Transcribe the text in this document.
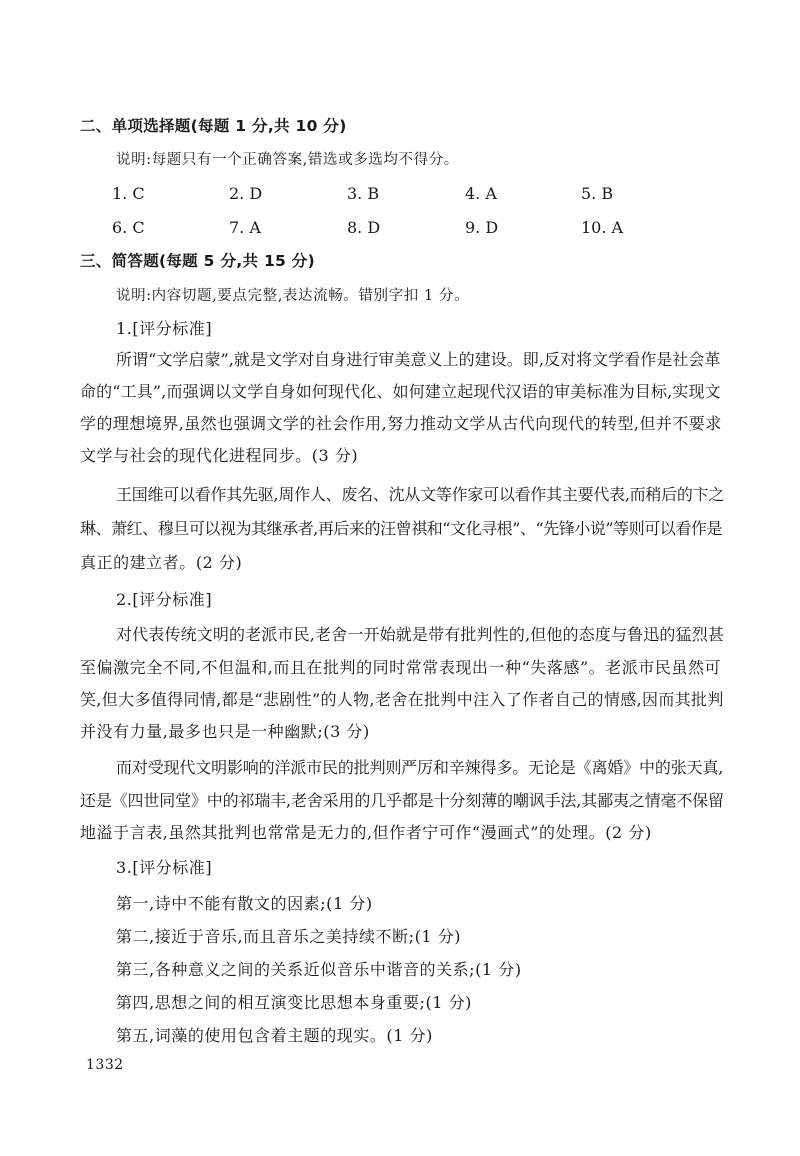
二、单项选择题(每题 1 分,共 10 分)
说明:每题只有一个正确答案,错选或多选均不得分。
1. C	2. D	3. B	4. A	5. B
6. C	7. A	8. D	9. D	10. A
三、简答题(每题 5 分,共 15 分)
说明:内容切题,要点完整,表达流畅。错别字扣 1 分。
1.[评分标准]
所谓“文学启蒙”,就是文学对自身进行审美意义上的建设。即,反对将文学看作是社会革
命的“工具”,而强调以文学自身如何现代化、如何建立起现代汉语的审美标准为目标,实现文
学的理想境界,虽然也强调文学的社会作用,努力推动文学从古代向现代的转型,但并不要求
文学与社会的现代化进程同步。(3 分)
王国维可以看作其先驱,周作人、废名、沈从文等作家可以看作其主要代表,而稍后的卞之
琳、萧红、穆旦可以视为其继承者,再后来的汪曾祺和“文化寻根”、“先锋小说”等则可以看作是
真正的建立者。(2 分)
2.[评分标准]
对代表传统文明的老派市民,老舍一开始就是带有批判性的,但他的态度与鲁迅的猛烈甚
至偏激完全不同,不但温和,而且在批判的同时常常表现出一种“失落感”。老派市民虽然可
笑,但大多值得同情,都是“悲剧性”的人物,老舍在批判中注入了作者自己的情感,因而其批判
并没有力量,最多也只是一种幽默;(3 分)
而对受现代文明影响的洋派市民的批判则严厉和辛辣得多。无论是《离婚》中的张天真,
还是《四世同堂》中的祁瑞丰,老舍采用的几乎都是十分刻薄的嘲讽手法,其鄙夷之情毫不保留
地溢于言表,虽然其批判也常常是无力的,但作者宁可作“漫画式”的处理。(2 分)
3.[评分标准]
第一,诗中不能有散文的因素;(1 分)
第二,接近于音乐,而且音乐之美持续不断;(1 分)
第三,各种意义之间的关系近似音乐中谐音的关系;(1 分)
第四,思想之间的相互演变比思想本身重要;(1 分)
第五,词藻的使用包含着主题的现实。(1 分)
1332
